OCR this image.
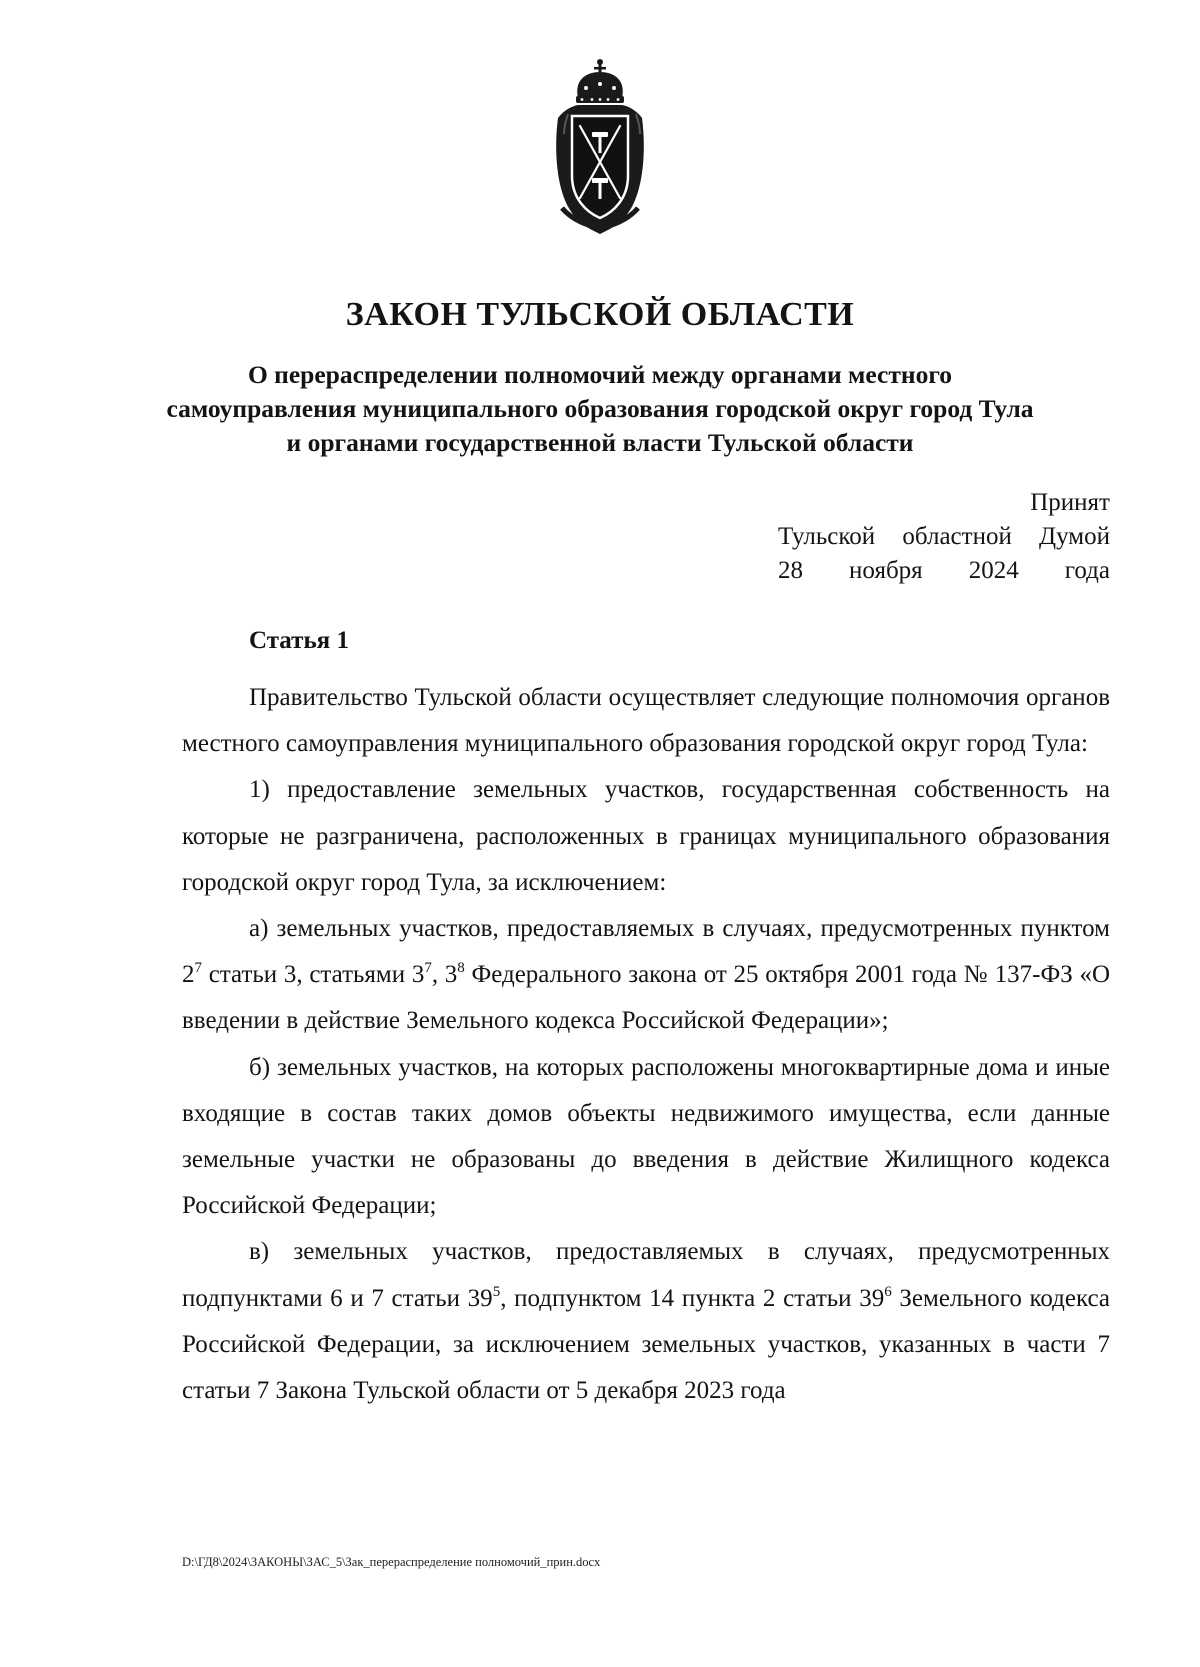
ЗАКОН ТУЛЬСКОЙ ОБЛАСТИ
О перераспределении полномочий между органами местного
самоуправления муниципального образования городской округ город Тула
и органами государственной власти Тульской области
Принят
Тульской областной Думой
28 ноября 2024 года
Статья 1

Правительство Тульской области осуществляет следующие полномочия органов местного самоуправления муниципального образования городской округ город Тула:

1) предоставление земельных участков, государственная собственность на которые не разграничена, расположенных в границах муниципального образования городской округ город Тула, за исключением:

а) земельных участков, предоставляемых в случаях, предусмотренных пунктом $2^7$ статьи 3, статьями $3^7$, $3^8$ Федерального закона от 25 октября 2001 года № 137-ФЗ «О введении в действие Земельного кодекса Российской Федерации»;

б) земельных участков, на которых расположены многоквартирные дома и иные входящие в состав таких домов объекты недвижимого имущества, если данные земельные участки не образованы до введения в действие Жилищного кодекса Российской Федерации;

в) земельных участков, предоставляемых в случаях, предусмотренных подпунктами 6 и 7 статьи $39^5$, подпунктом 14 пункта 2 статьи $39^6$ Земельного кодекса Российской Федерации, за исключением земельных участков, указанных в части 7 статьи 7 Закона Тульской области от 5 декабря 2023 года

D:\ГД8\2024\ЗАКОНЫ\ЗАС_5\Зак_перераспределение полномочий_прин.docx
